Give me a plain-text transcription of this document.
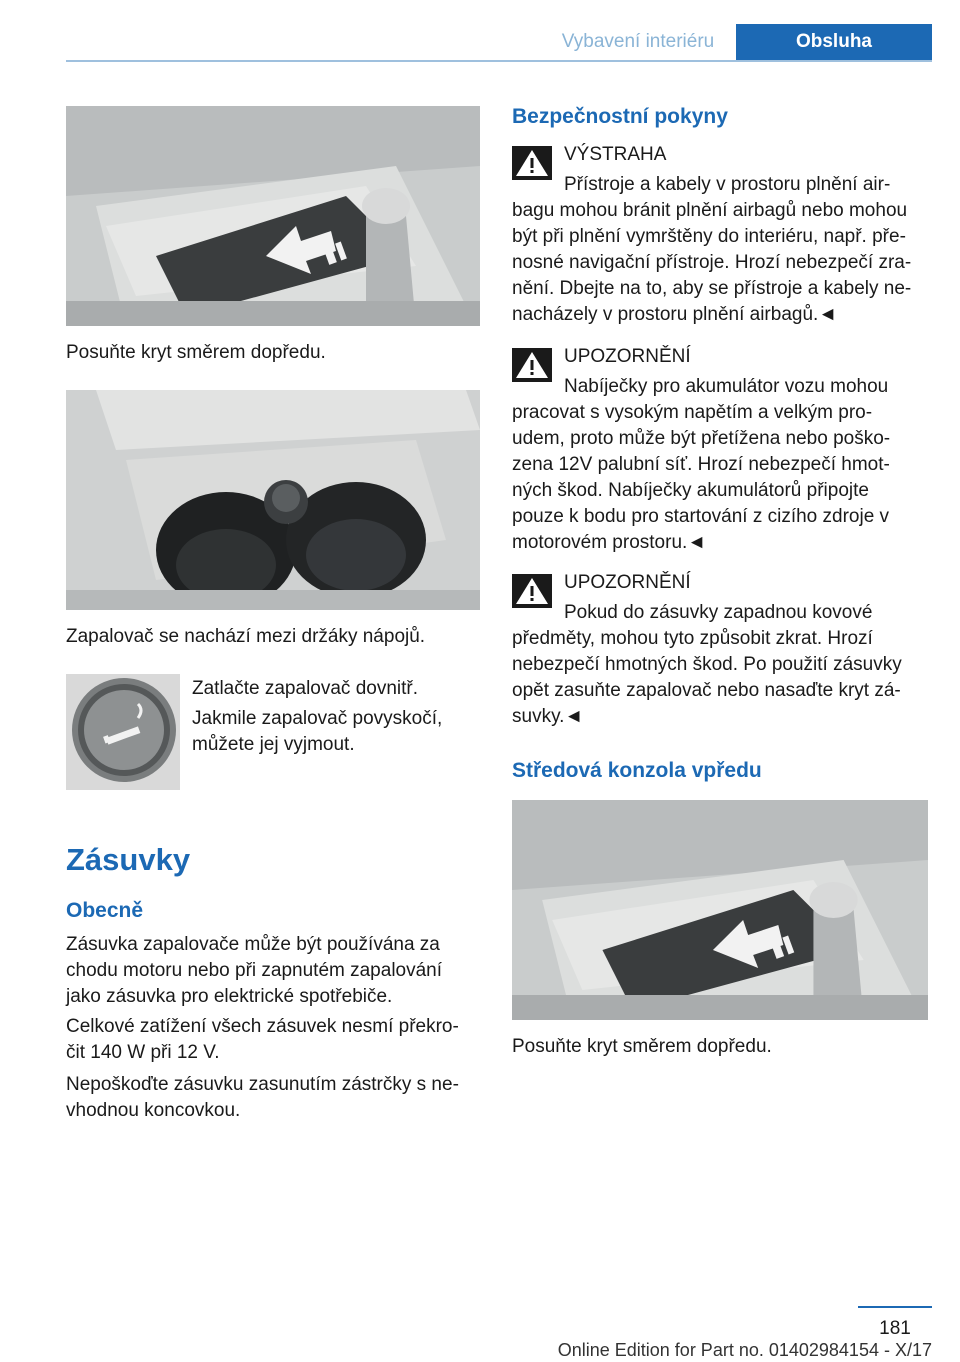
Vybavení interiéru	Obsluha
Posuňte kryt směrem dopředu.
Zapalovač se nachází mezi držáky nápojů.
Zatlačte zapalovač dovnitř.

Jakmile zapalovač povyskočí,

můžete jej vyjmout.

Zásuvky
Obecně

Zásuvka zapalovače může být používána za

chodu motoru nebo při zapnutém zapalování

jako zásuvka pro elektrické spotřebiče.

Celkové zatížení všech zásuvek nesmí překro‐

čit 140 W při 12 V.

Nepoškoďte zásuvku zasunutím zástrčky s ne‐

vhodnou koncovkou.

Bezpečnostní pokyny
VÝSTRAHA
Přístroje a kabely v prostoru plnění air‐

bagu mohou bránit plnění airbagů nebo mohou

být při plnění vymrštěny do interiéru, např. pře‐

nosné navigační přístroje. Hrozí nebezpečí zra‐

nění. Dbejte na to, aby se přístroje a kabely ne‐

nacházely v prostoru plnění airbagů.◄

UPOZORNĚNÍ
Nabíječky pro akumulátor vozu mohou

pracovat s vysokým napětím a velkým pro‐

udem, proto může být přetížena nebo poško‐

zena 12V palubní síť. Hrozí nebezpečí hmot‐

ných škod. Nabíječky akumulátorů připojte

pouze k bodu pro startování z cizího zdroje v

motorovém prostoru.◄

UPOZORNĚNÍ
Pokud do zásuvky zapadnou kovové

předměty, mohou tyto způsobit zkrat. Hrozí

nebezpečí hmotných škod. Po použití zásuvky

opět zasuňte zapalovač nebo nasaďte kryt zá‐

suvky.◄

Středová konzola vpředu
Posuňte kryt směrem dopředu.
181
Online Edition for Part no. 01402984154 - X/17
